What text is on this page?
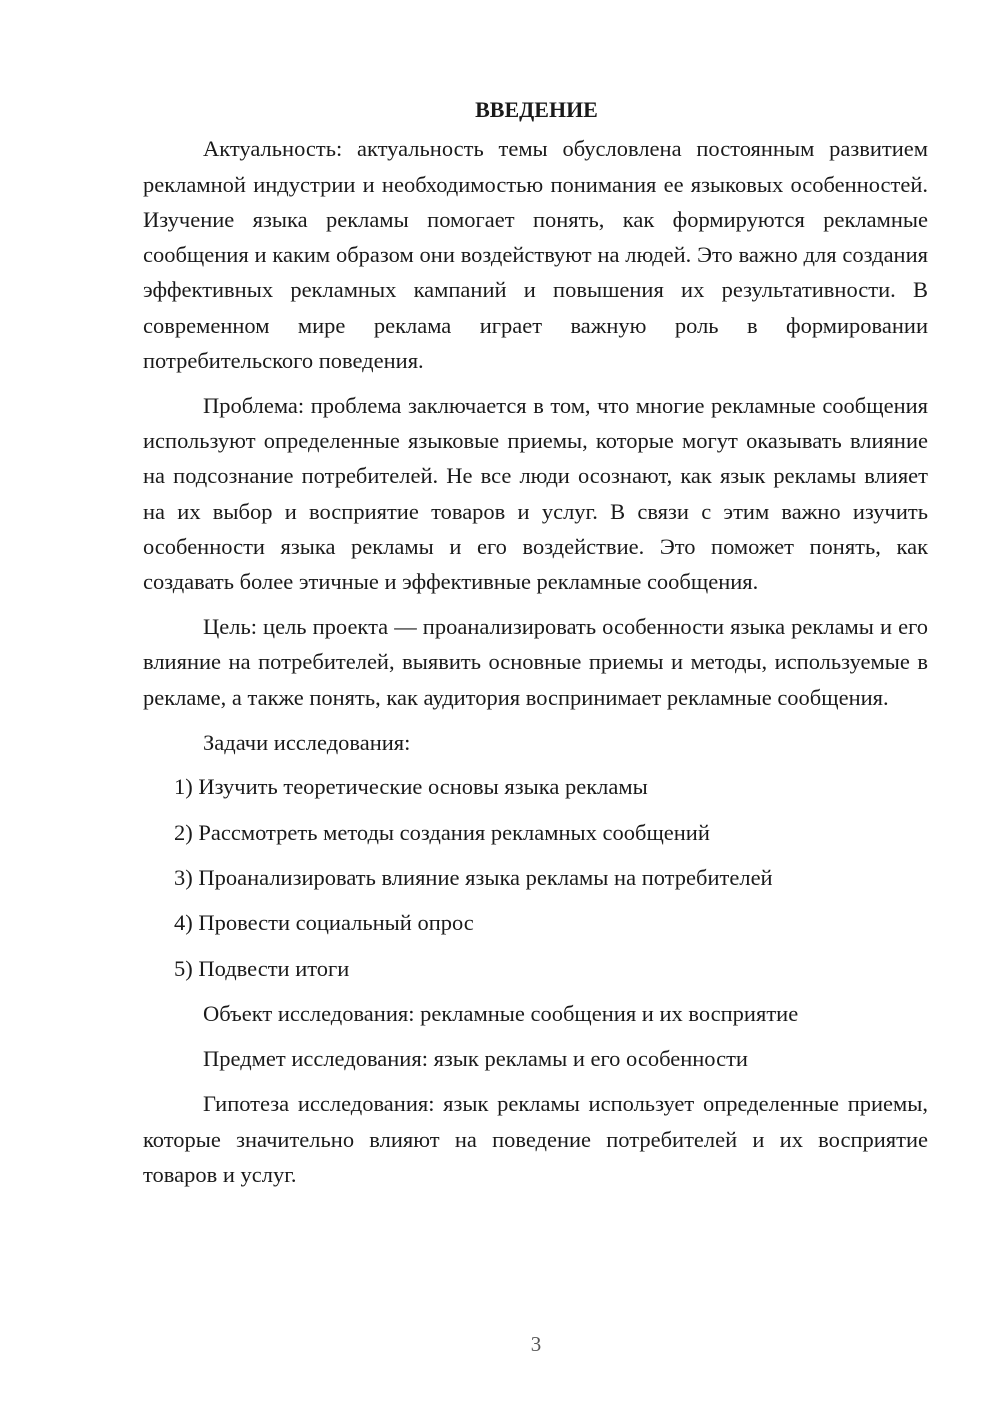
ВВЕДЕНИЕ

Актуальность: актуальность темы обусловлена постоянным развитием рекламной индустрии и необходимостью понимания ее языковых особенностей. Изучение языка рекламы помогает понять, как формируются рекламные сообщения и каким образом они воздействуют на людей. Это важно для создания эффективных рекламных кампаний и повышения их результативности. В современном мире реклама играет важную роль в формировании потребительского поведения.

Проблема: проблема заключается в том, что многие рекламные сообщения используют определенные языковые приемы, которые могут оказывать влияние на подсознание потребителей. Не все люди осознают, как язык рекламы влияет на их выбор и восприятие товаров и услуг. В связи с этим важно изучить особенности языка рекламы и его воздействие. Это поможет понять, как создавать более этичные и эффективные рекламные сообщения.

Цель: цель проекта — проанализировать особенности языка рекламы и его влияние на потребителей, выявить основные приемы и методы, используемые в рекламе, а также понять, как аудитория воспринимает рекламные сообщения.

Задачи исследования:
1) Изучить теоретические основы языка рекламы
2) Рассмотреть методы создания рекламных сообщений
3) Проанализировать влияние языка рекламы на потребителей
4) Провести социальный опрос
5) Подвести итоги
Объект исследования: рекламные сообщения и их восприятие
Предмет исследования: язык рекламы и его особенности

Гипотеза исследования: язык рекламы использует определенные приемы, которые значительно влияют на поведение потребителей и их восприятие товаров и услуг.

3
